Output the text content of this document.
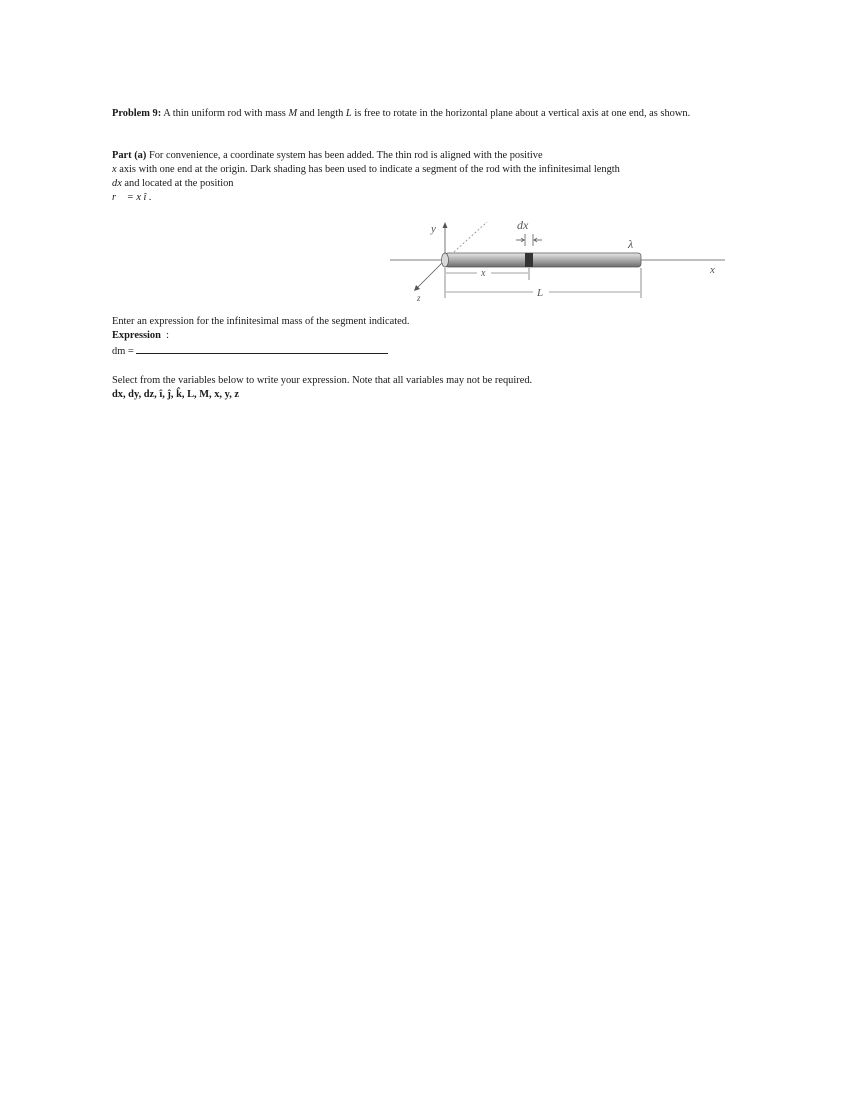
Problem 9: A thin uniform rod with mass M and length L is free to rotate in the horizontal plane about a vertical axis at one end, as shown.
Part (a) For convenience, a coordinate system has been added. The thin rod is aligned with the positive
x axis with one end at the origin. Dark shading has been used to indicate a segment of the rod with the infinitesimal length
dx and located at the position
r⃗ = x î .
y
z
x
dx
λ
x
L
Enter an expression for the infinitesimal mass of the segment indicated.
Expression :
dm =
Select from the variables below to write your expression. Note that all variables may not be required.
dx, dy, dz, î, ĵ, k̂, L, M, x, y, z
